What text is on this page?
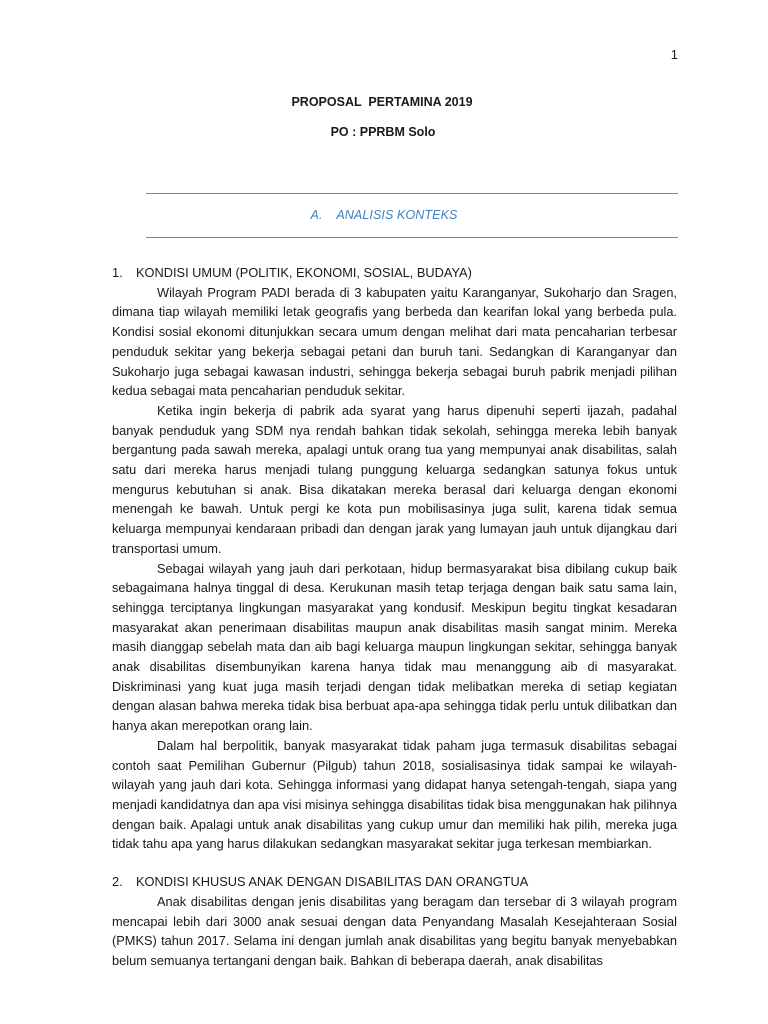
1
PROPOSAL  PERTAMINA 2019
PO : PPRBM Solo
A.    ANALISIS KONTEKS

1. KONDISI UMUM (POLITIK, EKONOMI, SOSIAL, BUDAYA)

Wilayah Program PADI berada di 3 kabupaten yaitu Karanganyar, Sukoharjo dan Sragen, dimana tiap wilayah memiliki letak geografis yang berbeda dan kearifan lokal yang berbeda pula. Kondisi sosial ekonomi ditunjukkan secara umum dengan melihat dari mata pencaharian terbesar penduduk sekitar yang bekerja sebagai petani dan buruh tani. Sedangkan di Karanganyar dan Sukoharjo juga sebagai kawasan industri, sehingga bekerja sebagai buruh pabrik menjadi pilihan kedua sebagai mata pencaharian penduduk sekitar.

Ketika ingin bekerja di pabrik ada syarat yang harus dipenuhi seperti ijazah, padahal banyak penduduk yang SDM nya rendah bahkan tidak sekolah, sehingga mereka lebih banyak bergantung pada sawah mereka, apalagi untuk orang tua yang mempunyai anak disabilitas, salah satu dari mereka harus menjadi tulang punggung keluarga sedangkan satunya fokus untuk mengurus kebutuhan si anak. Bisa dikatakan mereka berasal dari keluarga dengan ekonomi menengah ke bawah. Untuk pergi ke kota pun mobilisasinya juga sulit, karena tidak semua keluarga mempunyai kendaraan pribadi dan dengan jarak yang lumayan jauh untuk dijangkau dari transportasi umum.

Sebagai wilayah yang jauh dari perkotaan, hidup bermasyarakat bisa dibilang cukup baik sebagaimana halnya tinggal di desa. Kerukunan masih tetap terjaga dengan baik satu sama lain, sehingga terciptanya lingkungan masyarakat yang kondusif. Meskipun begitu tingkat kesadaran masyarakat akan penerimaan disabilitas maupun anak disabilitas masih sangat minim. Mereka masih dianggap sebelah mata dan aib bagi keluarga maupun lingkungan sekitar, sehingga banyak anak disabilitas disembunyikan karena hanya tidak mau menanggung aib di masyarakat. Diskriminasi yang kuat juga masih terjadi dengan tidak melibatkan mereka di setiap kegiatan dengan alasan bahwa mereka tidak bisa berbuat apa-apa sehingga tidak perlu untuk dilibatkan dan hanya akan merepotkan orang lain.

Dalam hal berpolitik, banyak masyarakat tidak paham juga termasuk disabilitas sebagai contoh saat Pemilihan Gubernur (Pilgub) tahun 2018, sosialisasinya tidak sampai ke wilayah-wilayah yang jauh dari kota. Sehingga informasi yang didapat hanya setengah-tengah, siapa yang menjadi kandidatnya dan apa visi misinya sehingga disabilitas tidak bisa menggunakan hak pilihnya dengan baik. Apalagi untuk anak disabilitas yang cukup umur dan memiliki hak pilih, mereka juga tidak tahu apa yang harus dilakukan sedangkan masyarakat sekitar juga terkesan membiarkan.

2. KONDISI KHUSUS ANAK DENGAN DISABILITAS DAN ORANGTUA

Anak disabilitas dengan jenis disabilitas yang beragam dan tersebar di 3 wilayah program mencapai lebih dari 3000 anak sesuai dengan data Penyandang Masalah Kesejahteraan Sosial (PMKS) tahun 2017. Selama ini dengan jumlah anak disabilitas yang begitu banyak menyebabkan belum semuanya tertangani dengan baik. Bahkan di beberapa daerah, anak disabilitas
